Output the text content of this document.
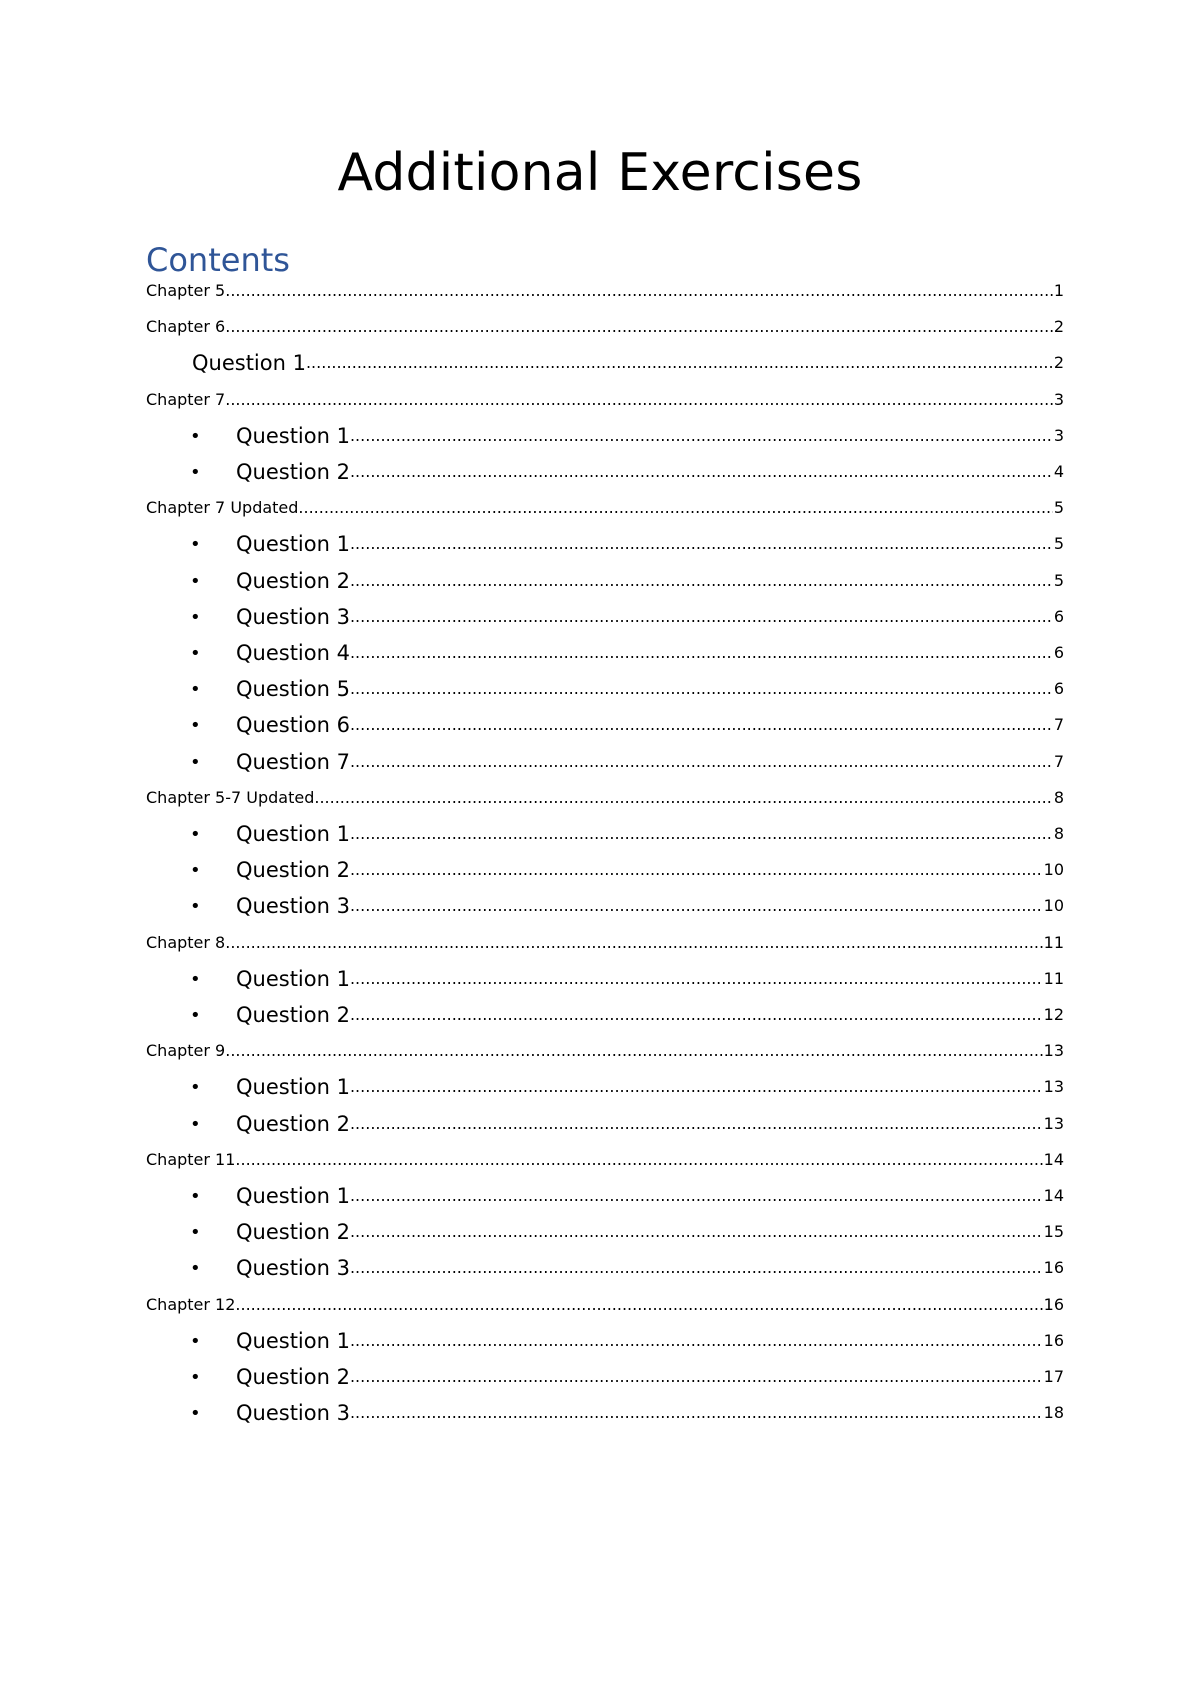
Additional Exercises
Contents
Chapter 5 .....	1
Chapter 6 .....	2
Question 1 .....	2
Chapter 7 .....	3
• Question 1 .....	3
• Question 2 .....	4
Chapter 7 Updated .....	5
• Question 1 .....	5
• Question 2 .....	5
• Question 3 .....	6
• Question 4 .....	6
• Question 5 .....	6
• Question 6 .....	7
• Question 7 .....	7
Chapter 5-7 Updated .....	8
• Question 1 .....	8
• Question 2 .....	10
• Question 3 .....	10
Chapter 8 .....	11
• Question 1 .....	11
• Question 2 .....	12
Chapter 9 .....	13
• Question 1 .....	13
• Question 2 .....	13
Chapter 11 .....	14
• Question 1 .....	14
• Question 2 .....	15
• Question 3 .....	16
Chapter 12 .....	16
• Question 1 .....	16
• Question 2 .....	17
• Question 3 .....	18
